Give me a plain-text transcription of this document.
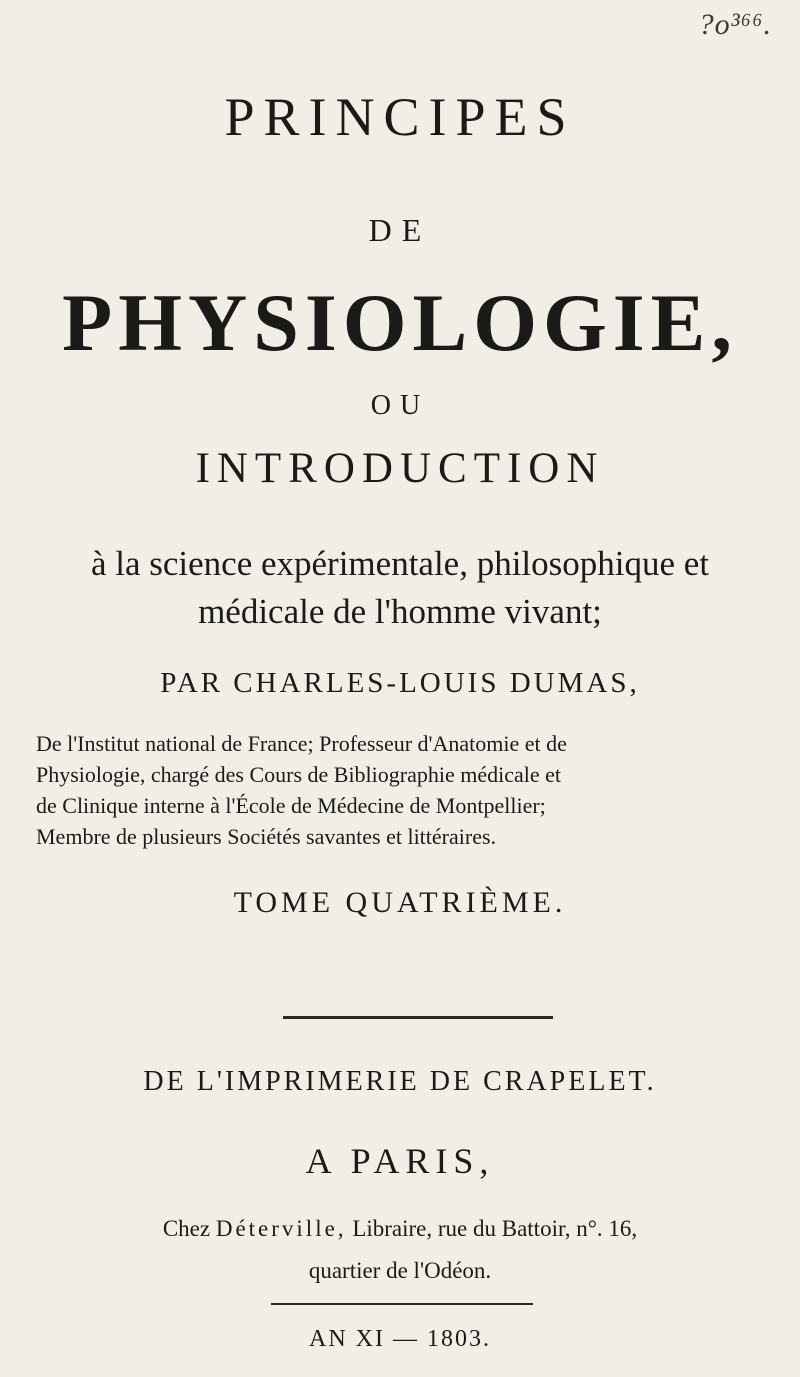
?o³⁶⁶.
PRINCIPES
DE
PHYSIOLOGIE,
OU
INTRODUCTION
à la science expérimentale, philosophique et
médicale de l'homme vivant;
PAR CHARLES-LOUIS DUMAS,
De l'Institut national de France; Professeur d'Anatomie et de
Physiologie, chargé des Cours de Bibliographie médicale et
de Clinique interne à l'École de Médecine de Montpellier;
Membre de plusieurs Sociétés savantes et littéraires.
TOME QUATRIÈME.
DE L'IMPRIMERIE DE CRAPELET.
A PARIS,
Chez Déterville, Libraire, rue du Battoir, n°. 16,
quartier de l'Odéon.
AN XI — 1803.
